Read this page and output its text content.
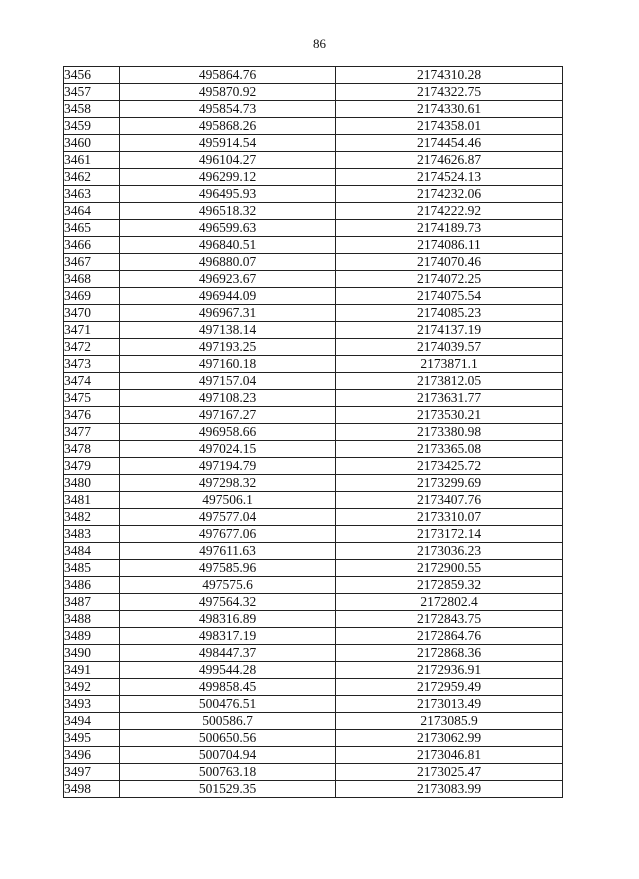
86
3456	495864.76	2174310.28
3457	495870.92	2174322.75
3458	495854.73	2174330.61
3459	495868.26	2174358.01
3460	495914.54	2174454.46
3461	496104.27	2174626.87
3462	496299.12	2174524.13
3463	496495.93	2174232.06
3464	496518.32	2174222.92
3465	496599.63	2174189.73
3466	496840.51	2174086.11
3467	496880.07	2174070.46
3468	496923.67	2174072.25
3469	496944.09	2174075.54
3470	496967.31	2174085.23
3471	497138.14	2174137.19
3472	497193.25	2174039.57
3473	497160.18	2173871.1
3474	497157.04	2173812.05
3475	497108.23	2173631.77
3476	497167.27	2173530.21
3477	496958.66	2173380.98
3478	497024.15	2173365.08
3479	497194.79	2173425.72
3480	497298.32	2173299.69
3481	497506.1	2173407.76
3482	497577.04	2173310.07
3483	497677.06	2173172.14
3484	497611.63	2173036.23
3485	497585.96	2172900.55
3486	497575.6	2172859.32
3487	497564.32	2172802.4
3488	498316.89	2172843.75
3489	498317.19	2172864.76
3490	498447.37	2172868.36
3491	499544.28	2172936.91
3492	499858.45	2172959.49
3493	500476.51	2173013.49
3494	500586.7	2173085.9
3495	500650.56	2173062.99
3496	500704.94	2173046.81
3497	500763.18	2173025.47
3498	501529.35	2173083.99
